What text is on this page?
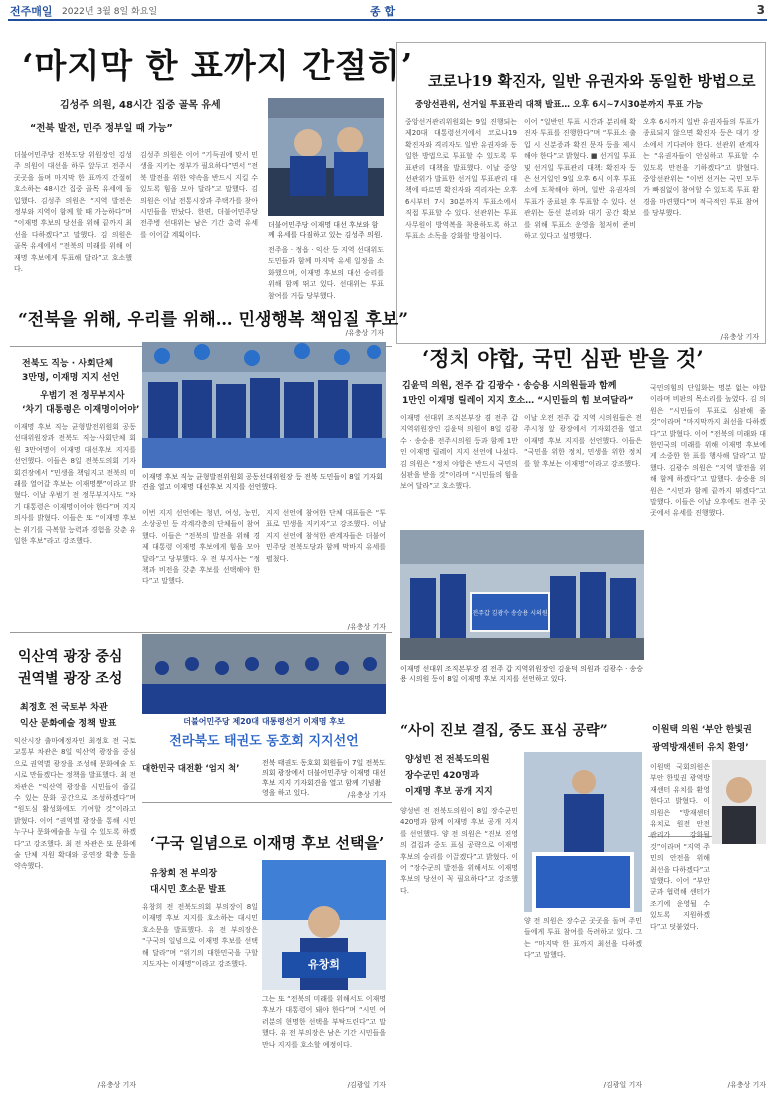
전주매일 2022년 3월 8일 화요일	종 합	3
‘마지막 한 표까지 간절히’
김성주 의원, 48시간 집중 골목 유세
“전북 발전, 민주 정부일 때 가능”
더불어민주당 전북도당 위원장인 김성주 의원이 대선을 하루 앞두고 전주시 곳곳을 돌며 마지막 한 표까지 간절히 호소하는 48시간 집중 골목 유세에 돌입했다. 김성주 의원은 “지역 발전은 정부와 지역이 함께 할 때 가능하다”며 “이재명 후보의 당선을 위해 끝까지 최선을 다하겠다”고 말했다. 김 의원은 골목 유세에서 “전북의 미래를 위해 이재명 후보에게 투표해 달라”고 호소했다.
김성주 의원은 이어 “기득권에 맞서 민생을 지키는 정부가 필요하다”면서 “전북 발전을 위한 약속을 반드시 지킬 수 있도록 힘을 모아 달라”고 말했다. 김 의원은 이날 전통시장과 주택가를 찾아 시민들을 만났다. 한편, 더불어민주당 전주병 선대위는 남은 기간 총력 유세를 이어갈 계획이다.
더불어민주당 이재명 대선 후보와 함께 유세를 다짐하고 있는 김성주 의원.
전주을 · 정읍 · 익산 등 지역 선대위도 도민들과 함께 마지막 유세 일정을 소화했으며, 이재명 후보의 대선 승리를 위해 함께 뛰고 있다. 선대위는 투표 참여를 거듭 당부했다.
/유충상 기자
코로나19 확진자, 일반 유권자와 동일한 방법으로
중앙선관위, 선거일 투표관리 대책 발표… 오후 6시∼7시30분까지 투표 가능
중앙선거관리위원회는 9일 진행되는 제20대 대통령선거에서 코로나19 확진자와 격리자도 일반 유권자와 동일한 방법으로 투표할 수 있도록 투표관리 대책을 발표했다. 이날 중앙선관위가 발표한 선거일 투표관리 대책에 따르면 확진자와 격리자는 오후 6시부터 7시 30분까지 투표소에서 직접 투표할 수 있다. 선관위는 투표사무원이 방역복을 착용하도록 하고 투표소 소독을 강화할 방침이다.
이어 “일반인 투표 시간과 분리해 확진자 투표를 진행한다”며 “투표소 출입 시 신분증과 확진 문자 등을 제시해야 한다”고 밝혔다. ■ 선거일 투표 및 선거일 투표관리 대책: 확진자 등은 선거일인 9일 오후 6시 이후 투표소에 도착해야 하며, 일반 유권자의 투표가 종료된 후 투표할 수 있다. 선관위는 동선 분리와 대기 공간 확보를 위해 투표소 운영을 철저히 준비하고 있다고 설명했다.
오후 6시까지 일반 유권자들의 투표가 종료되지 않으면 확진자 등은 대기 장소에서 기다려야 한다. 선관위 관계자는 “유권자들이 안심하고 투표할 수 있도록 만전을 기하겠다”고 밝혔다. 중앙선관위는 “이번 선거는 국민 모두가 빠짐없이 참여할 수 있도록 투표 환경을 마련했다”며 적극적인 투표 참여를 당부했다.
/유충상 기자
“전북을 위해, 우리를 위해… 민생행복 책임질 후보”
전북도 직능 · 사회단체
3만명, 이재명 지지 선언
우범기 전 정무부지사
‘차기 대통령은 이재명이어야’
이재명 후보 직능 균형발전위원회 공동선대위원장과 전북도 직능·사회단체 회원 3만여명이 이재명 대선후보 지지를 선언했다. 이들은 8일 전북도의회 기자회견장에서 “민생을 책임지고 전북의 미래를 열어갈 후보는 이재명뿐”이라고 밝혔다. 이날 우범기 전 정무부지사도 “차기 대통령은 이재명이어야 한다”며 지지 의사를 밝혔다. 이들은 또 “이재명 후보는 위기를 극복할 능력과 경험을 갖춘 유일한 후보”라고 강조했다.
이재명 후보 직능 균형발전위원회 공동선대위원장 등 전북 도민들이 8일 기자회견을 열고 이재명 대선후보 지지를 선언했다.
이번 지지 선언에는 청년, 여성, 농민, 소상공인 등 각계각층의 단체들이 참여했다. 이들은 “전북의 발전을 위해 경제 대통령 이재명 후보에게 힘을 모아 달라”고 당부했다. 우 전 부지사는 “정책과 비전을 갖춘 후보를 선택해야 한다”고 말했다.
지지 선언에 참여한 단체 대표들은 “투표로 민생을 지키자”고 강조했다. 이날 지지 선언에 참석한 관계자들은 더불어민주당 전북도당과 함께 막바지 유세를 펼쳤다.
/유충상 기자
‘정치 야합, 국민 심판 받을 것’
김윤덕 의원, 전주 갑 김광수 · 송승용 시의원들과 함께
1만인 이재명 릴레이 지지 호소… “시민들의 힘 보여달라”
이재명 선대위 조직본부장 겸 전주 갑 지역위원장인 김윤덕 의원이 8일 김광수 · 송승용 전주시의원 등과 함께 1만인 이재명 릴레이 지지 선언에 나섰다. 김 의원은 “정치 야합은 반드시 국민의 심판을 받을 것”이라며 “시민들의 힘을 보여 달라”고 호소했다.
이날 오전 전주 갑 지역 시의원들은 전주시청 앞 광장에서 기자회견을 열고 이재명 후보 지지를 선언했다. 이들은 “국민을 위한 정치, 민생을 위한 정치를 할 후보는 이재명”이라고 강조했다.
국민의힘의 단일화는 명분 없는 야합이라며 비판의 목소리를 높였다. 김 의원은 “시민들이 투표로 심판해 줄 것”이라며 “마지막까지 최선을 다하겠다”고 밝혔다. 이어 “전북의 미래와 대한민국의 미래를 위해 이재명 후보에게 소중한 한 표를 행사해 달라”고 말했다. 김광수 의원은 “지역 발전을 위해 함께 하겠다”고 말했다. 송승용 의원은 “시민과 함께 끝까지 뛰겠다”고 말했다. 이들은 이날 오후에도 전주 곳곳에서 유세를 진행했다.
전주갑 김광수 송승용 시의원
이재명 선대위 조직본부장 겸 전주 갑 지역위원장인 김윤덕 의원과 김광수 · 송승용 시의원 등이 8일 이재명 후보 지지를 선언하고 있다.
익산역 광장 중심
권역별 광장 조성
최정호 전 국토부 차관
익산 문화예술 정책 발표
익산시장 출마예정자인 최정호 전 국토교통부 차관은 8일 익산역 광장을 중심으로 권역별 광장을 조성해 문화예술 도시로 만들겠다는 정책을 발표했다. 최 전 차관은 “익산역 광장을 시민들이 즐길 수 있는 문화 공간으로 조성하겠다”며 “원도심 활성화에도 기여할 것”이라고 밝혔다. 이어 “권역별 광장을 통해 시민 누구나 문화예술을 누릴 수 있도록 하겠다”고 강조했다. 최 전 차관은 또 문화예술 단체 지원 확대와 공연장 확충 등을 약속했다.
/유충상 기자
더불어민주당 제20대 대통령선거 이재명 후보
전라북도 태권도 동호회 지지선언
대한민국 대전환 ‘엄지 척’
전북 태권도 동호회 회원들이 7일 전북도의회 광장에서 더불어민주당 이재명 대선 후보 지지 기자회견을 열고 함께 기념촬영을 하고 있다.	/유충상 기자
‘구국 일념으로 이재명 후보 선택을’
유창희 전 부의장
대시민 호소문 발표
유창희
유창희 전 전북도의회 부의장이 8일 이재명 후보 지지를 호소하는 대시민 호소문을 발표했다. 유 전 부의장은 “구국의 일념으로 이재명 후보를 선택해 달라”며 “위기의 대한민국을 구할 지도자는 이재명”이라고 강조했다.
그는 또 “전북의 미래를 위해서도 이재명 후보가 대통령이 돼야 한다”며 “시민 여러분의 현명한 선택을 부탁드린다”고 말했다. 유 전 부의장은 남은 기간 시민들을 만나 지지를 호소할 예정이다.
/김광일 기자
“사이 진보 결집, 중도 표심 공략”
양성빈 전 전북도의원
장수군민 420명과
이재명 후보 공개 지지
양성빈 전 전북도의원이 8일 장수군민 420명과 함께 이재명 후보 공개 지지를 선언했다. 양 전 의원은 “진보 진영의 결집과 중도 표심 공략으로 이재명 후보의 승리를 이끌겠다”고 밝혔다. 이어 “장수군의 발전을 위해서도 이재명 후보의 당선이 꼭 필요하다”고 강조했다.
양 전 의원은 장수군 곳곳을 돌며 주민들에게 투표 참여를 독려하고 있다. 그는 “마지막 한 표까지 최선을 다하겠다”고 말했다.
/김광일 기자
이원택 의원 ‘부안 한빛권
광역방재센터 유치 환영’
이원택 국회의원은 부안 한빛권 광역방재센터 유치를 환영한다고 밝혔다. 이 의원은 “방재센터 유치로 원전 안전 관리가 강화될 것”이라며 “지역 주민의 안전을 위해 최선을 다하겠다”고 말했다. 이어 “부안군과 협력해 센터가 조기에 운영될 수 있도록 지원하겠다”고 덧붙였다.
/유충상 기자
